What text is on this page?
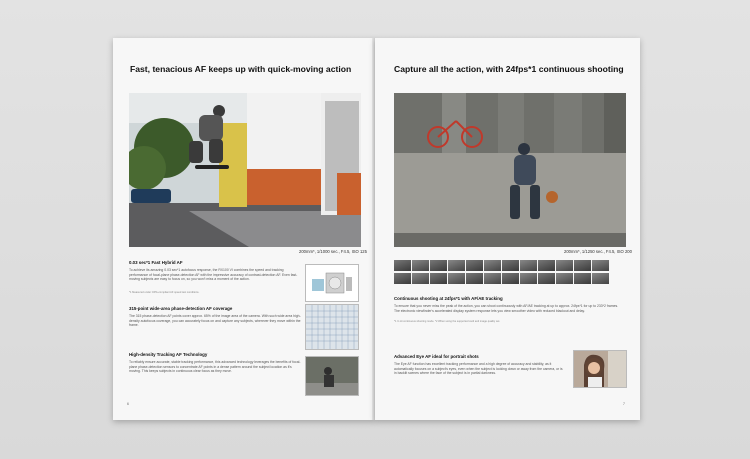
Fast, tenacious AF keeps up with quick-moving action
200mm*, 1/1000 sec., F4.5, ISO 125
0.03 sec*1 Fast Hybrid AF
To achieve its amazing 0.03 sec*1 autofocus response, the RX100 VI combines the speed and tracking performance of focal-plane phase-detection AF with the impressive accuracy of contrast-detection AF. Even fast-moving subjects are easy to focus on, so you won't miss a moment of the action.
*1 Measured under CIPA-compliant AF speed test conditions.
315-point wide-area phase-detection AF coverage
The 315 phase-detection AF points cover approx. 65% of the image area of the camera. With such wide area high-density autofocus coverage, you can accurately focus on and capture any subjects, wherever they move within the frame.
High-density Tracking AF Technology
To reliably ensure accurate, stable tracking performance, this advanced technology leverages the benefits of focal-plane phase-detection sensors to concentrate AF points in a dense pattern around the subject location as it's moving. This keeps subjects in continuous clear focus as they move.
6
Capture all the action, with 24fps*1 continuous shooting
200mm*, 1/1250 sec., F4.5, ISO 200
Continuous shooting at 24fps*1 with AF/AE tracking
To ensure that you never miss the peak of the action, you can shoot continuously with AF/AE tracking at up to approx. 24fps*1 for up to 233*2 frames. The electronic viewfinder's accelerated display system response lets you view smoother video with reduced blackout and delay.
*1 In Hi continuous shooting mode. *2 When using the supported card and image quality set.
Advanced Eye AF ideal for portrait shots
The Eye AF function has excellent tracking performance and a high degree of accuracy and stability, as it automatically focuses on a subject's eyes, even when the subject is looking down or away from the camera, or is in backlit scenes where the face of the subject is in partial darkness.
7
